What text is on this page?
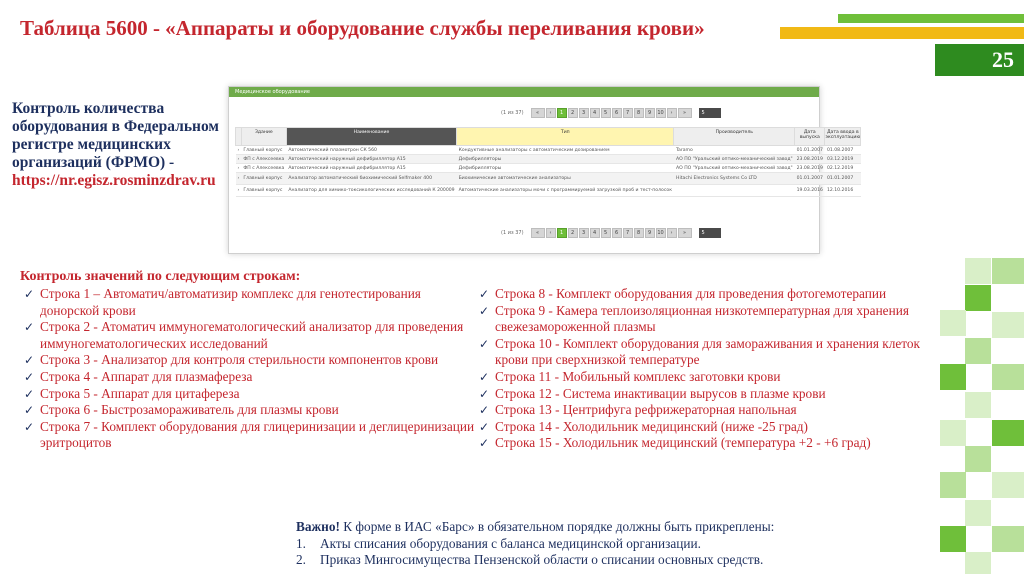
25
Таблица 5600 - «Аппараты и оборудование службы переливания крови»
Контроль количества оборудования в Федеральном регистре медицинских организаций (ФРМО) - https://nr.egisz.rosminzdrav.ru
Медицинское оборудование
(1 из 37)	«	‹	1	2	3	4	5	6	7	8	9	10	›	»	5
	Здание	Наименование	Тип	Производитель	Дата выпуска	Дата ввода в эксплуатацию
›	Главный корпус	Автоматический плазмотрон СК 560	Кондуктивные анализаторы с автоматическим дозированием	Taramo	01.01.2007	01.08.2007
›	ФП с Алексеевка	Автоматический наружный дефибриллятор А15	Дефибрилляторы	АО ПО "Уральский оптико-механический завод"	23.08.2019	03.12.2019
›	ФП с Алексеевка	Автоматический наружный дефибриллятор А15	Дефибрилляторы	АО ПО "Уральский оптико-механический завод"	23.08.2019	02.12.2019
›	Главный корпус	Анализатор автоматический биохимический Selfmaker 400	Биохимические автоматические анализаторы	Hitachi Electronics Systems Co LTD	01.01.2007	01.01.2007
›	Главный корпус	Анализатор для химико-токсикологических исследований К 200009	Автоматические анализаторы мочи с программируемой загрузкой проб и тест-полосок		19.03.2016	12.10.2016
(1 из 37)	«	‹	1	2	3	4	5	6	7	8	9	10	›	»	5
Контроль значений по следующим строкам:
✓ Строка 1 – Автоматич/автоматизир комплекс для генотестирования донорской крови
✓ Строка 2 - Атоматич иммуногематологический анализатор для проведения иммуногематологических исследований
✓ Строка 3 - Анализатор для контроля стерильности компонентов крови
✓ Строка 4 - Аппарат для плазмафереза
✓ Строка 5 - Аппарат для цитафереза
✓ Строка 6 - Быстрозамораживатель для плазмы крови
✓ Строка 7 - Комплект оборудования для глицеринизации и деглицеринизации эритроцитов
✓ Строка 8 - Комплект оборудования для проведения фотогемотерапии
✓ Строка 9 - Камера теплоизоляционная низкотемпературная для хранения свежезамороженной плазмы
✓ Строка 10 - Комплект оборудования для замораживания и хранения клеток крови при сверхнизкой температуре
✓ Строка 11 - Мобильный комплекс заготовки крови
✓ Строка 12 - Система инактивации вырусов в плазме крови
✓ Строка 13 - Центрифуга рефрижераторная напольная
✓ Строка 14 - Холодильник медицинский (ниже -25 град)
✓ Строка 15 - Холодильник медицинский (температура +2 - +6 град)
Важно! К форме в ИАС «Барс» в обязательном порядке должны быть прикреплены:
1. Акты списания оборудования с баланса медицинской организации.
2. Приказ Мингосимущества Пензенской области о списании основных средств.
